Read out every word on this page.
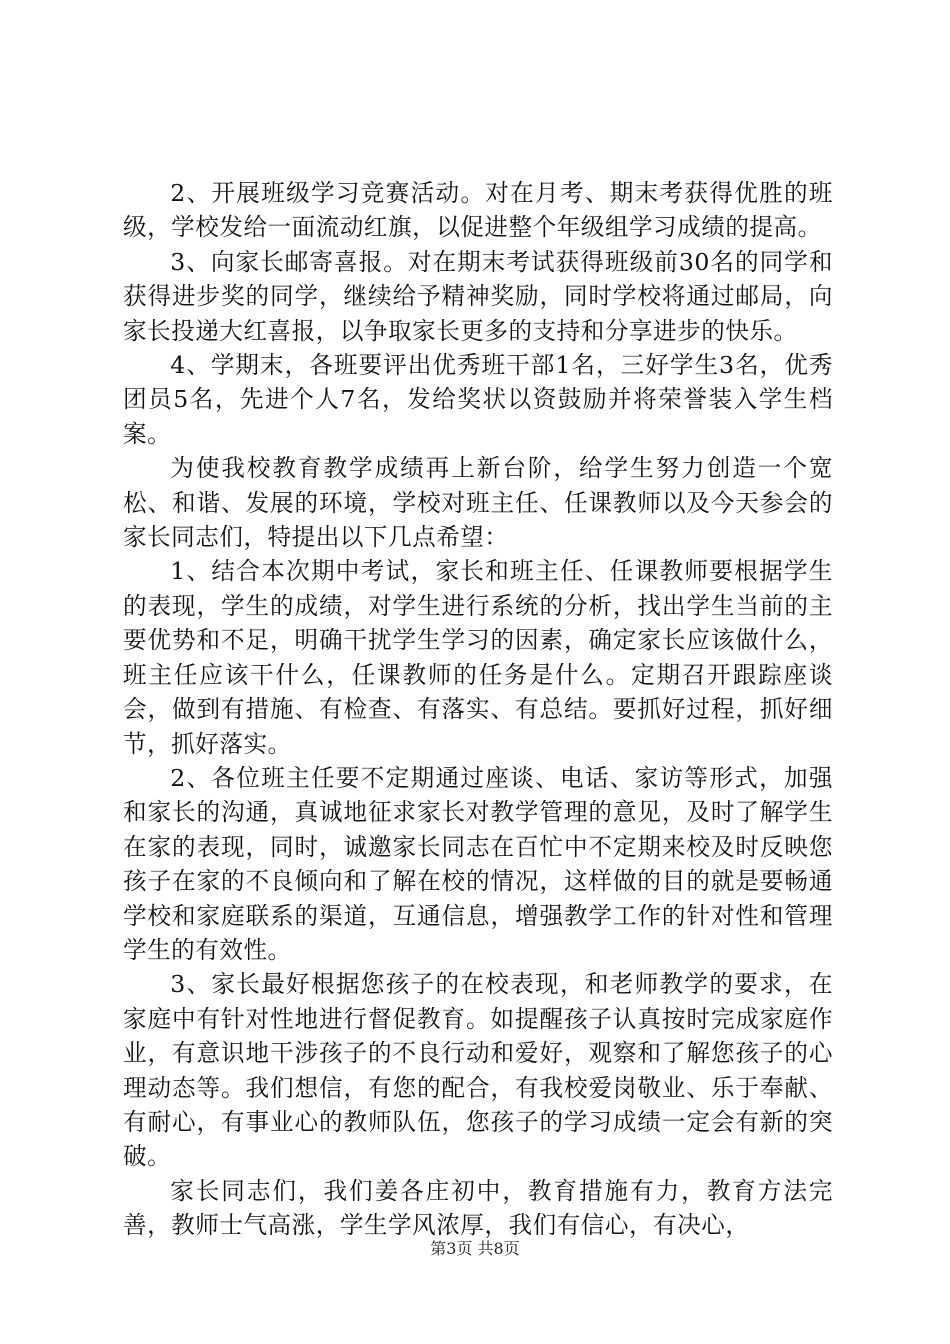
2、开展班级学习竞赛活动。对在月考、期末考获得优胜的班级，学校发给一面流动红旗，以促进整个年级组学习成绩的提高。

3、向家长邮寄喜报。对在期末考试获得班级前30名的同学和获得进步奖的同学，继续给予精神奖励，同时学校将通过邮局，向家长投递大红喜报，以争取家长更多的支持和分享进步的快乐。

4、学期末，各班要评出优秀班干部1名，三好学生3名，优秀团员5名，先进个人7名，发给奖状以资鼓励并将荣誉装入学生档案。

为使我校教育教学成绩再上新台阶，给学生努力创造一个宽松、和谐、发展的环境，学校对班主任、任课教师以及今天参会的家长同志们，特提出以下几点希望：

1、结合本次期中考试，家长和班主任、任课教师要根据学生的表现，学生的成绩，对学生进行系统的分析，找出学生当前的主要优势和不足，明确干扰学生学习的因素，确定家长应该做什么，班主任应该干什么，任课教师的任务是什么。定期召开跟踪座谈会，做到有措施、有检查、有落实、有总结。要抓好过程，抓好细节，抓好落实。

2、各位班主任要不定期通过座谈、电话、家访等形式，加强和家长的沟通，真诚地征求家长对教学管理的意见，及时了解学生在家的表现，同时，诚邀家长同志在百忙中不定期来校及时反映您孩子在家的不良倾向和了解在校的情况，这样做的目的就是要畅通学校和家庭联系的渠道，互通信息，增强教学工作的针对性和管理学生的有效性。

3、家长最好根据您孩子的在校表现，和老师教学的要求，在家庭中有针对性地进行督促教育。如提醒孩子认真按时完成家庭作业，有意识地干涉孩子的不良行动和爱好，观察和了解您孩子的心理动态等。我们想信，有您的配合，有我校爱岗敬业、乐于奉献、有耐心，有事业心的教师队伍，您孩子的学习成绩一定会有新的突破。

家长同志们，我们姜各庄初中，教育措施有力，教育方法完善，教师士气高涨，学生学风浓厚，我们有信心，有决心，

第3页 共8页
